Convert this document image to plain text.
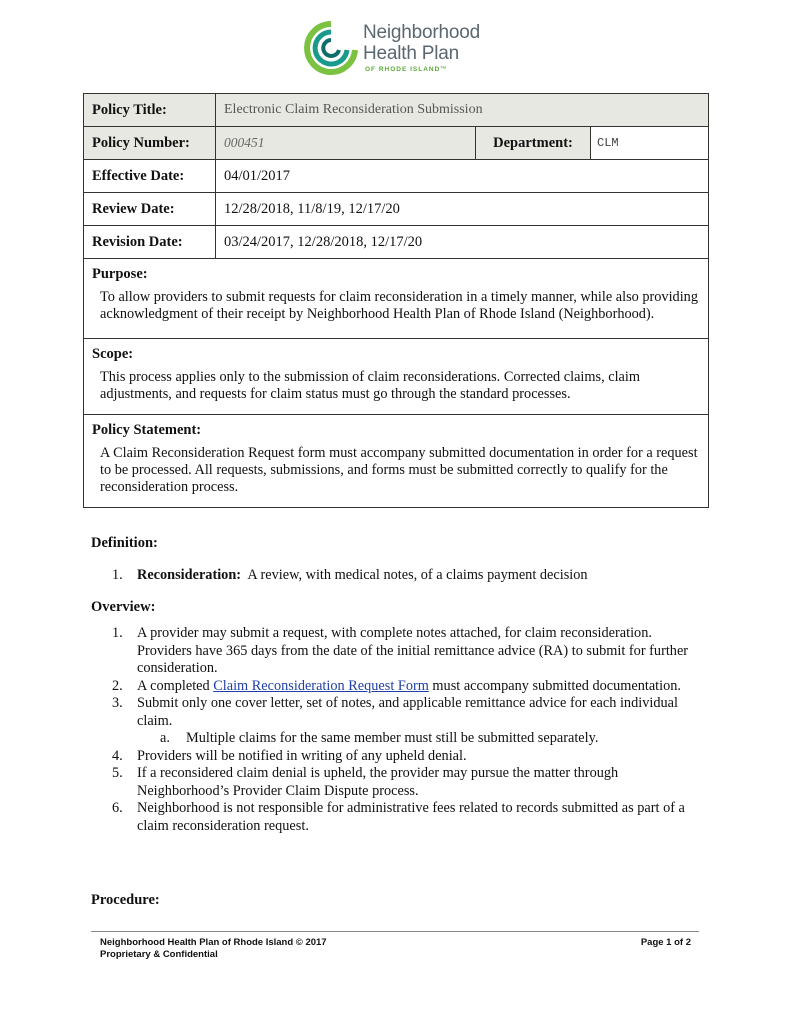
Neighborhood
Health Plan
OF RHODE ISLAND™
Policy Title:	Electronic Claim Reconsideration Submission
Policy Number:	000451	Department:	CLM
Effective Date:	04/01/2017
Review Date:	12/28/2018, 11/8/19, 12/17/20
Revision Date:	03/24/2017, 12/28/2018, 12/17/20
Purpose:
To allow providers to submit requests for claim reconsideration in a timely manner, while also providing acknowledgment of their receipt by Neighborhood Health Plan of Rhode Island (Neighborhood).
Scope:
This process applies only to the submission of claim reconsiderations. Corrected claims, claim adjustments, and requests for claim status must go through the standard processes.
Policy Statement:
A Claim Reconsideration Request form must accompany submitted documentation in order for a request to be processed. All requests, submissions, and forms must be submitted correctly to qualify for the reconsideration process.
Definition:
1. Reconsideration:  A review, with medical notes, of a claims payment decision
Overview:
1. A provider may submit a request, with complete notes attached, for claim reconsideration. Providers have 365 days from the date of the initial remittance advice (RA) to submit for further consideration.
2. A completed Claim Reconsideration Request Form must accompany submitted documentation.
3. Submit only one cover letter, set of notes, and applicable remittance advice for each individual claim.
a.	Multiple claims for the same member must still be submitted separately.
4. Providers will be notified in writing of any upheld denial.
5. If a reconsidered claim denial is upheld, the provider may pursue the matter through Neighborhood’s Provider Claim Dispute process.
6. Neighborhood is not responsible for administrative fees related to records submitted as part of a claim reconsideration request.
Procedure:
Neighborhood Health Plan of Rhode Island © 2017
Proprietary & Confidential
Page 1 of 2
